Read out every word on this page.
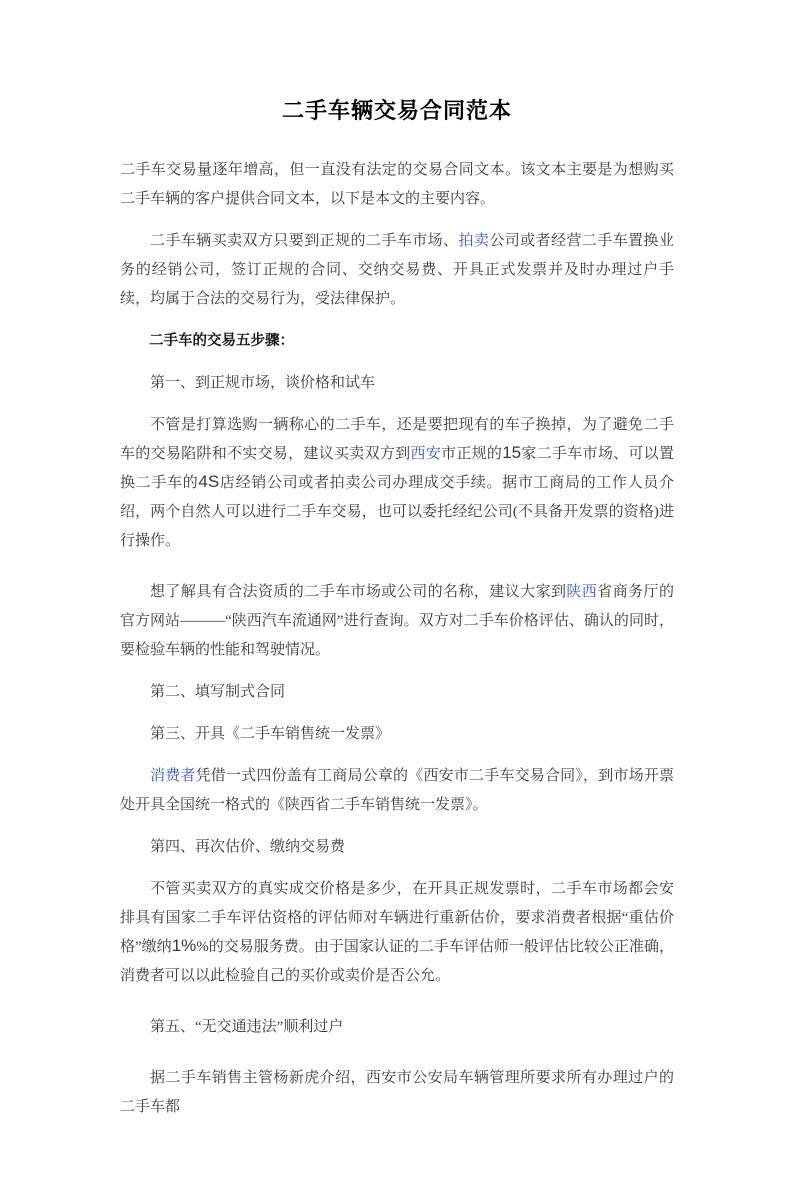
二手车辆交易合同范本

二手车交易量逐年增高，但一直没有法定的交易合同文本。该文本主要是为想购买二手车辆的客户提供合同文本，以下是本文的主要内容。

二手车辆买卖双方只要到正规的二手车市场、拍卖公司或者经营二手车置换业务的经销公司，签订正规的合同、交纳交易费、开具正式发票并及时办理过户手续，均属于合法的交易行为，受法律保护。

二手车的交易五步骤：

第一、到正规市场，谈价格和试车

不管是打算选购一辆称心的二手车，还是要把现有的车子换掉，为了避免二手车的交易陷阱和不实交易，建议买卖双方到西安市正规的15家二手车市场、可以置换二手车的4S店经销公司或者拍卖公司办理成交手续。据市工商局的工作人员介绍，两个自然人可以进行二手车交易，也可以委托经纪公司(不具备开发票的资格)进行操作。

想了解具有合法资质的二手车市场或公司的名称，建议大家到陕西省商务厅的官方网站———“陕西汽车流通网”进行查询。双方对二手车价格评估、确认的同时，要检验车辆的性能和驾驶情况。

第二、填写制式合同

第三、开具《二手车销售统一发票》

消费者凭借一式四份盖有工商局公章的《西安市二手车交易合同》，到市场开票处开具全国统一格式的《陕西省二手车销售统一发票》。

第四、再次估价、缴纳交易费

不管买卖双方的真实成交价格是多少，在开具正规发票时，二手车市场都会安排具有国家二手车评估资格的评估师对车辆进行重新估价，要求消费者根据“重估价格”缴纳1%%的交易服务费。由于国家认证的二手车评估师一般评估比较公正准确，消费者可以以此检验自己的买价或卖价是否公允。

第五、“无交通违法”顺利过户

据二手车销售主管杨新虎介绍，西安市公安局车辆管理所要求所有办理过户的二手车都
